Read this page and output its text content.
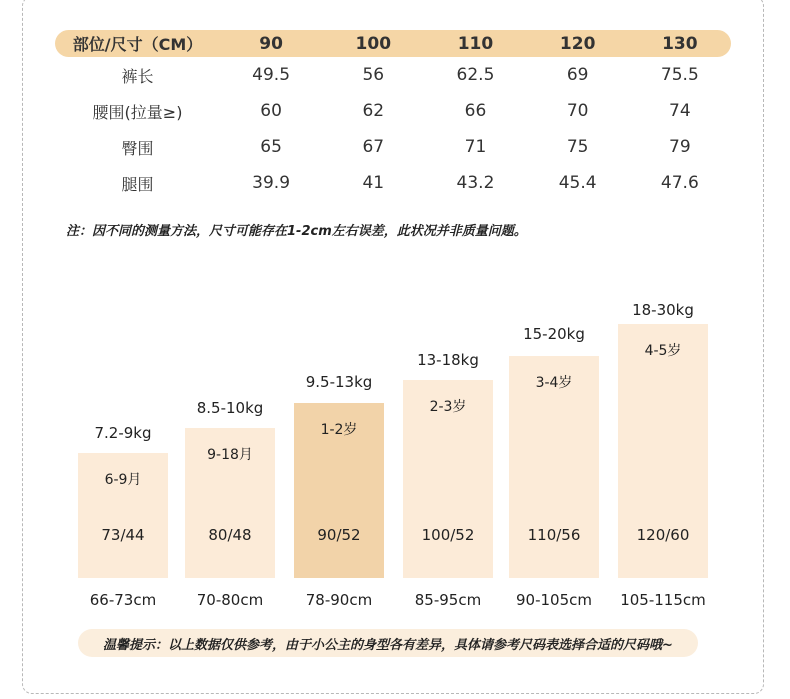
部位/尺寸（CM）	90	100	110	120	130
裤长	49.5	56	62.5	69	75.5
腰围(拉量≥)	60	62	66	70	74
臀围	65	67	71	75	79
腿围	39.9	41	43.2	45.4	47.6
注：因不同的测量方法，尺寸可能存在1-2cm左右误差，此状况并非质量问题。
7.2-9kg
6-9月
73/44
66-73cm
8.5-10kg
9-18月
80/48
70-80cm
9.5-13kg
1-2岁
90/52
78-90cm
13-18kg
2-3岁
100/52
85-95cm
15-20kg
3-4岁
110/56
90-105cm
18-30kg
4-5岁
120/60
105-115cm
温馨提示：以上数据仅供参考，由于小公主的身型各有差异，具体请参考尺码表选择合适的尺码哦~
